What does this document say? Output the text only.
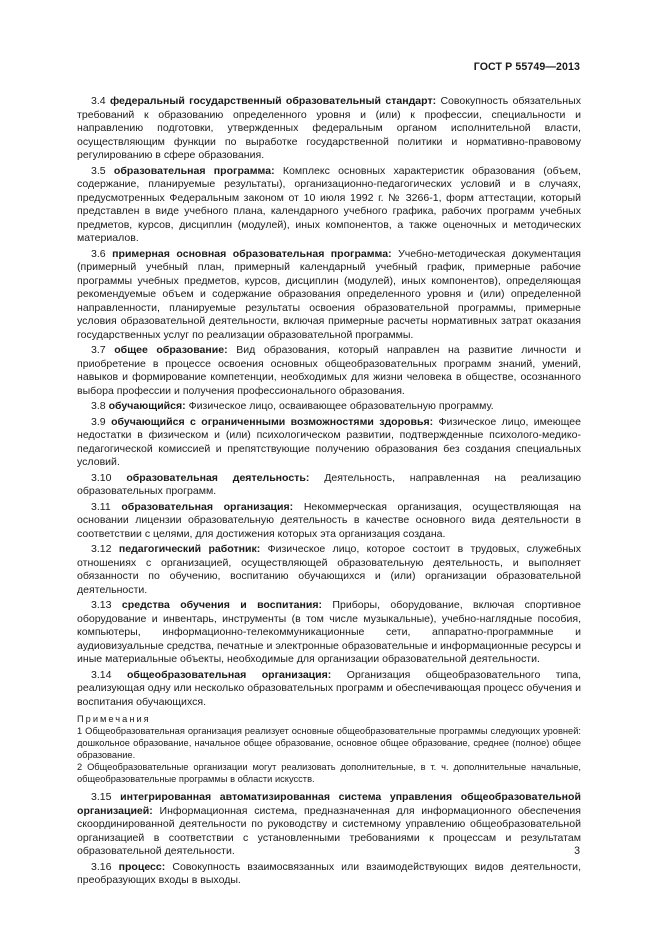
ГОСТ Р 55749—2013

3.4 федеральный государственный образовательный стандарт: Совокупность обязательных требований к образованию определенного уровня и (или) к профессии, специальности и направлению подготовки, утвержденных федеральным органом исполнительной власти, осуществляющим функции по выработке государственной политики и нормативно-правовому регулированию в сфере образования.

3.5 образовательная программа: Комплекс основных характеристик образования (объем, содержание, планируемые результаты), организационно-педагогических условий и в случаях, предусмотренных Федеральным законом от 10 июля 1992 г. № 3266-1, форм аттестации, который представлен в виде учебного плана, календарного учебного графика, рабочих программ учебных предметов, курсов, дисциплин (модулей), иных компонентов, а также оценочных и методических материалов.

3.6 примерная основная образовательная программа: Учебно-методическая документация (примерный учебный план, примерный календарный учебный график, примерные рабочие программы учебных предметов, курсов, дисциплин (модулей), иных компонентов), определяющая рекомендуемые объем и содержание образования определенного уровня и (или) определенной направленности, планируемые результаты освоения образовательной программы, примерные условия образовательной деятельности, включая примерные расчеты нормативных затрат оказания государственных услуг по реализации образовательной программы.

3.7 общее образование: Вид образования, который направлен на развитие личности и приобретение в процессе освоения основных общеобразовательных программ знаний, умений, навыков и формирование компетенции, необходимых для жизни человека в обществе, осознанного выбора профессии и получения профессионального образования.

3.8 обучающийся: Физическое лицо, осваивающее образовательную программу.

3.9 обучающийся с ограниченными возможностями здоровья: Физическое лицо, имеющее недостатки в физическом и (или) психологическом развитии, подтвержденные психолого-медико-педагогической комиссией и препятствующие получению образования без создания специальных условий.

3.10 образовательная деятельность: Деятельность, направленная на реализацию образовательных программ.

3.11 образовательная организация: Некоммерческая организация, осуществляющая на основании лицензии образовательную деятельность в качестве основного вида деятельности в соответствии с целями, для достижения которых эта организация создана.

3.12 педагогический работник: Физическое лицо, которое состоит в трудовых, служебных отношениях с организацией, осуществляющей образовательную деятельность, и выполняет обязанности по обучению, воспитанию обучающихся и (или) организации образовательной деятельности.

3.13 средства обучения и воспитания: Приборы, оборудование, включая спортивное оборудование и инвентарь, инструменты (в том числе музыкальные), учебно-наглядные пособия, компьютеры, информационно-телекоммуникационные сети, аппаратно-программные и аудиовизуальные средства, печатные и электронные образовательные и информационные ресурсы и иные материальные объекты, необходимые для организации образовательной деятельности.

3.14 общеобразовательная организация: Организация общеобразовательного типа, реализующая одну или несколько образовательных программ и обеспечивающая процесс обучения и воспитания обучающихся.

Примечания

1 Общеобразовательная организация реализует основные общеобразовательные программы следующих уровней: дошкольное образование, начальное общее образование, основное общее образование, среднее (полное) общее образование.

2 Общеобразовательные организации могут реализовать дополнительные, в т. ч. дополнительные начальные, общеобразовательные программы в области искусств.

3.15 интегрированная автоматизированная система управления общеобразовательной организацией: Информационная система, предназначенная для информационного обеспечения скоординированной деятельности по руководству и системному управлению общеобразовательной организацией в соответствии с установленными требованиями к процессам и результатам образовательной деятельности.

3.16 процесс: Совокупность взаимосвязанных или взаимодействующих видов деятельности, преобразующих входы в выходы.

3
